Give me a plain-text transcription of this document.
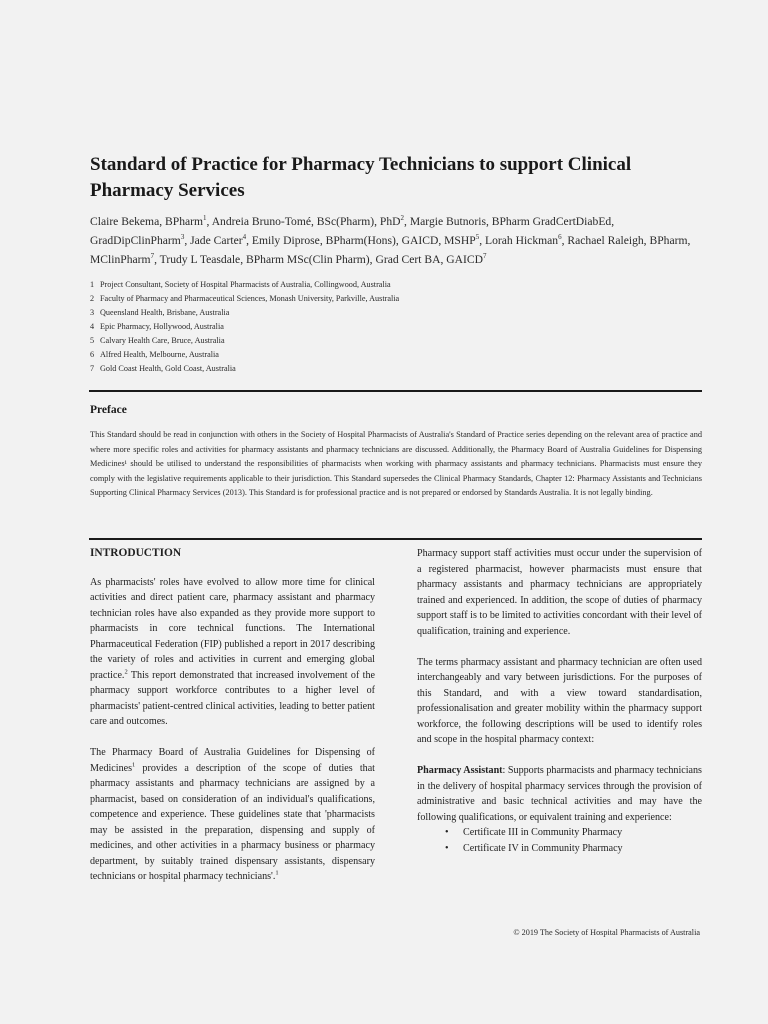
Standard of Practice for Pharmacy Technicians to support Clinical Pharmacy Services

Claire Bekema, BPharm$^1$, Andreia Bruno-Tomé, BSc(Pharm), PhD$^2$, Margie Butnoris, BPharm GradCertDiabEd, GradDipClinPharm$^3$, Jade Carter$^4$, Emily Diprose, BPharm(Hons), GAICD, MSHP$^5$, Lorah Hickman$^6$, Rachael Raleigh, BPharm, MClinPharm$^7$, Trudy L Teasdale, BPharm MSc(Clin Pharm), Grad Cert BA, GAICD$^7$

1 Project Consultant, Society of Hospital Pharmacists of Australia, Collingwood, Australia
2 Faculty of Pharmacy and Pharmaceutical Sciences, Monash University, Parkville, Australia
3 Queensland Health, Brisbane, Australia
4 Epic Pharmacy, Hollywood, Australia
5 Calvary Health Care, Bruce, Australia
6 Alfred Health, Melbourne, Australia
7 Gold Coast Health, Gold Coast, Australia
Preface

This Standard should be read in conjunction with others in the Society of Hospital Pharmacists of Australia's Standard of Practice series depending on the relevant area of practice and where more specific roles and activities for pharmacy assistants and pharmacy technicians are discussed. Additionally, the Pharmacy Board of Australia Guidelines for Dispensing Medicines¹ should be utilised to understand the responsibilities of pharmacists when working with pharmacy assistants and pharmacy technicians. Pharmacists must ensure they comply with the legislative requirements applicable to their jurisdiction. This Standard supersedes the Clinical Pharmacy Standards, Chapter 12: Pharmacy Assistants and Technicians Supporting Clinical Pharmacy Services (2013). This Standard is for professional practice and is not prepared or endorsed by Standards Australia. It is not legally binding.

INTRODUCTION

As pharmacists' roles have evolved to allow more time for clinical activities and direct patient care, pharmacy assistant and pharmacy technician roles have also expanded as they provide more support to pharmacists in core technical functions. The International Pharmaceutical Federation (FIP) published a report in 2017 describing the variety of roles and activities in current and emerging global practice.$^2$ This report demonstrated that increased involvement of the pharmacy support workforce contributes to a higher level of pharmacists' patient-centred clinical activities, leading to better patient care and outcomes.

The Pharmacy Board of Australia Guidelines for Dispensing of Medicines$^1$ provides a description of the scope of duties that pharmacy assistants and pharmacy technicians are assigned by a pharmacist, based on consideration of an individual's qualifications, competence and experience. These guidelines state that 'pharmacists may be assisted in the preparation, dispensing and supply of medicines, and other activities in a pharmacy business or pharmacy department, by suitably trained dispensary assistants, dispensary technicians or hospital pharmacy technicians'.$^1$

Pharmacy support staff activities must occur under the supervision of a registered pharmacist, however pharmacists must ensure that pharmacy assistants and pharmacy technicians are appropriately trained and experienced. In addition, the scope of duties of pharmacy support staff is to be limited to activities concordant with their level of qualification, training and experience.

The terms pharmacy assistant and pharmacy technician are often used interchangeably and vary between jurisdictions. For the purposes of this Standard, and with a view toward standardisation, professionalisation and greater mobility within the pharmacy support workforce, the following descriptions will be used to identify roles and scope in the hospital pharmacy context:

Pharmacy Assistant: Supports pharmacists and pharmacy technicians in the delivery of hospital pharmacy services through the provision of administrative and basic technical activities and may have the following qualifications, or equivalent training and experience:

• Certificate III in Community Pharmacy
• Certificate IV in Community Pharmacy
© 2019 The Society of Hospital Pharmacists of Australia
